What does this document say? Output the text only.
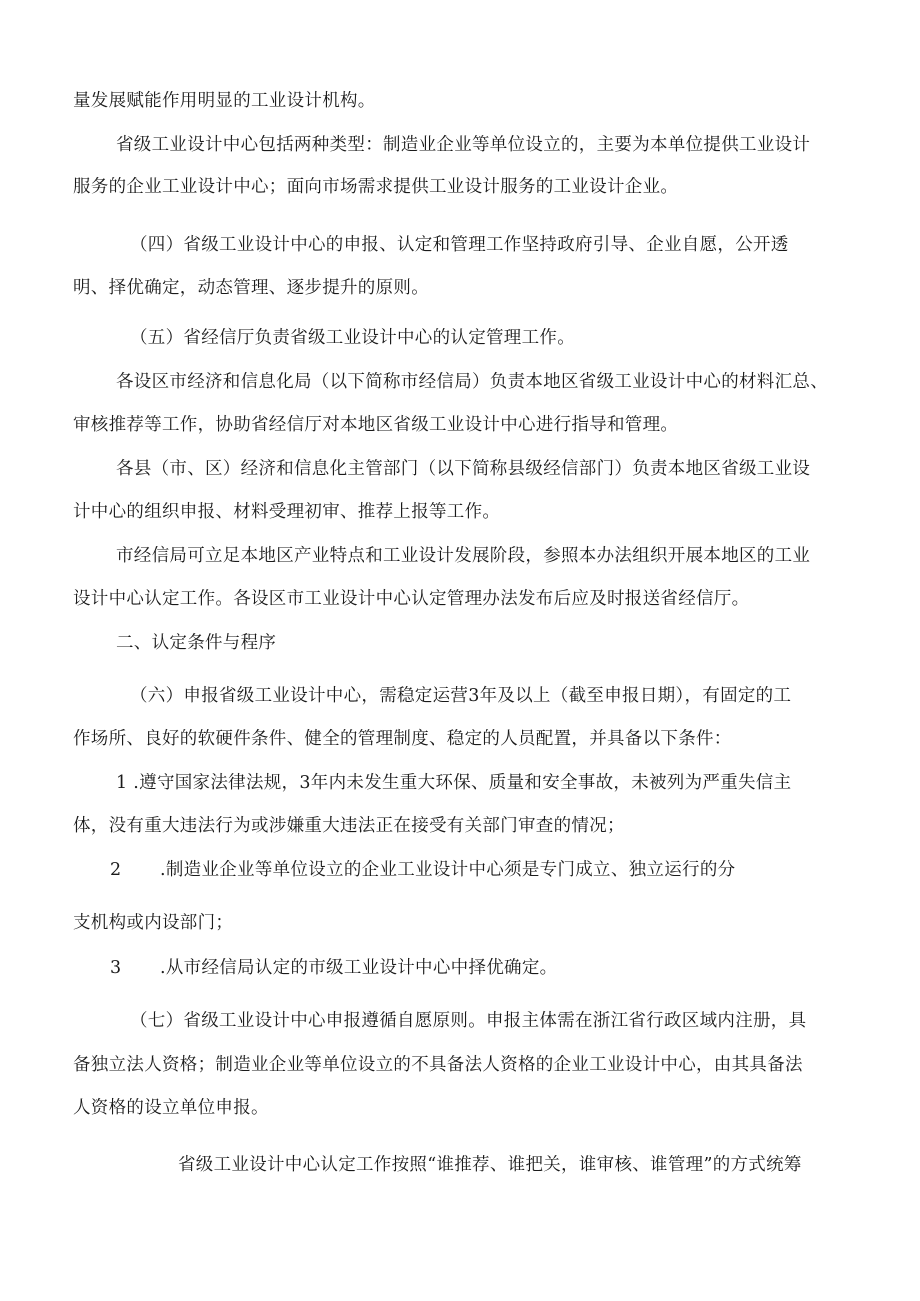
量发展赋能作用明显的工业设计机构。
省级工业设计中心包括两种类型：制造业企业等单位设立的，主要为本单位提供工业设计
服务的企业工业设计中心；面向市场需求提供工业设计服务的工业设计企业。
（四）省级工业设计中心的申报、认定和管理工作坚持政府引导、企业自愿，公开透
明、择优确定，动态管理、逐步提升的原则。
（五）省经信厅负责省级工业设计中心的认定管理工作。
各设区市经济和信息化局（以下简称市经信局）负责本地区省级工业设计中心的材料汇总、
审核推荐等工作，协助省经信厅对本地区省级工业设计中心进行指导和管理。
各县（市、区）经济和信息化主管部门（以下简称县级经信部门）负责本地区省级工业设
计中心的组织申报、材料受理初审、推荐上报等工作。
市经信局可立足本地区产业特点和工业设计发展阶段，参照本办法组织开展本地区的工业
设计中心认定工作。各设区市工业设计中心认定管理办法发布后应及时报送省经信厅。
二、认定条件与程序
（六）申报省级工业设计中心，需稳定运营3年及以上（截至申报日期），有固定的工
作场所、良好的软硬件条件、健全的管理制度、稳定的人员配置，并具备以下条件：
1 .遵守国家法律法规，3年内未发生重大环保、质量和安全事故，未被列为严重失信主
体，没有重大违法行为或涉嫌重大违法正在接受有关部门审查的情况；
2 .制造业企业等单位设立的企业工业设计中心须是专门成立、独立运行的分
支机构或内设部门；
3 .从市经信局认定的市级工业设计中心中择优确定。
（七）省级工业设计中心申报遵循自愿原则。申报主体需在浙江省行政区域内注册，具
备独立法人资格；制造业企业等单位设立的不具备法人资格的企业工业设计中心，由其具备法
人资格的设立单位申报。
省级工业设计中心认定工作按照“谁推荐、谁把关，谁审核、谁管理”的方式统筹
